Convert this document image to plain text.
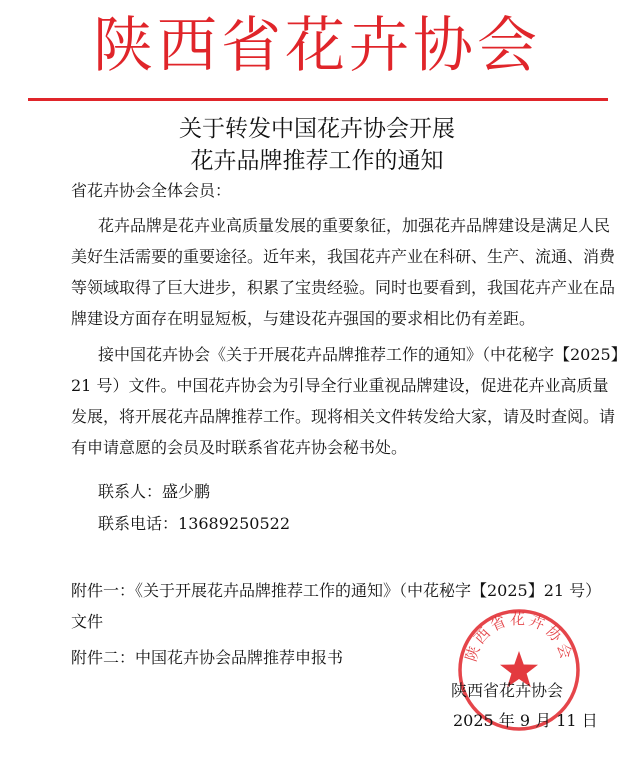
陕西省花卉协会
关于转发中国花卉协会开展
花卉品牌推荐工作的通知
省花卉协会全体会员：
花卉品牌是花卉业高质量发展的重要象征，加强花卉品牌建设是满足人民
美好生活需要的重要途径。近年来，我国花卉产业在科研、生产、流通、消费
等领域取得了巨大进步，积累了宝贵经验。同时也要看到，我国花卉产业在品
牌建设方面存在明显短板，与建设花卉强国的要求相比仍有差距。
接中国花卉协会《关于开展花卉品牌推荐工作的通知》（中花秘字【2025】
21 号）文件。中国花卉协会为引导全行业重视品牌建设，促进花卉业高质量
发展，将开展花卉品牌推荐工作。现将相关文件转发给大家，请及时查阅。请
有申请意愿的会员及时联系省花卉协会秘书处。
联系人：盛少鹏
联系电话：13689250522
附件一：《关于开展花卉品牌推荐工作的通知》（中花秘字【2025】21 号）
文件
附件二：中国花卉协会品牌推荐申报书	陕西省花卉协会
陕西省花卉协会
2025 年 9 月 11 日
